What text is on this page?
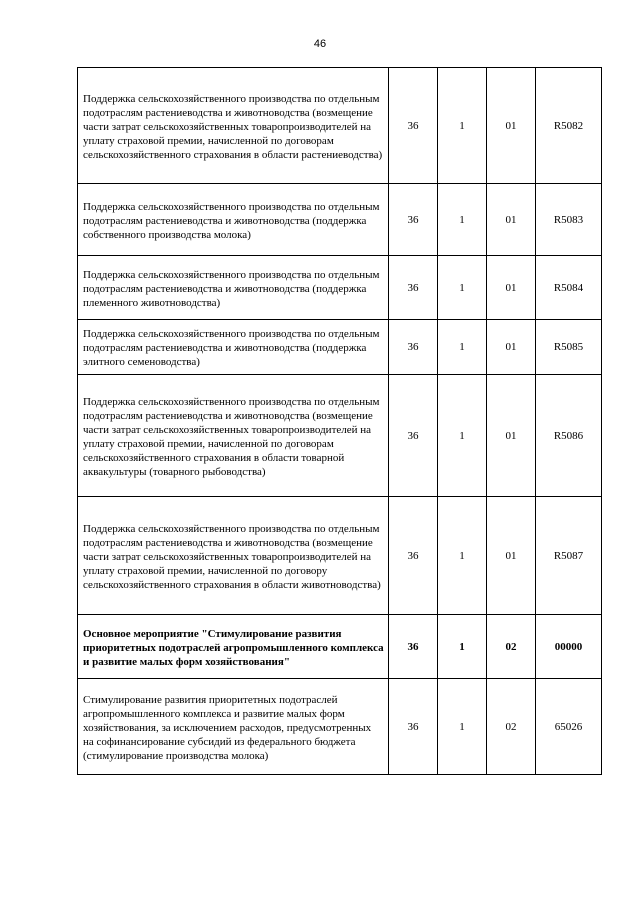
46
Поддержка сельскохозяйственного производства по отдельным подотраслям растениеводства и животноводства (возмещение части затрат сельскохозяйственных товаропроизводителей на уплату страховой премии, начисленной по договорам сельскохозяйственного страхования в области растениеводства)	36	1	01	R5082
Поддержка сельскохозяйственного производства по отдельным подотраслям растениеводства и животноводства (поддержка собственного производства молока)	36	1	01	R5083
Поддержка сельскохозяйственного производства по отдельным подотраслям растениеводства и животноводства (поддержка племенного животноводства)	36	1	01	R5084
Поддержка сельскохозяйственного производства по отдельным подотраслям растениеводства и животноводства (поддержка элитного семеноводства)	36	1	01	R5085
Поддержка сельскохозяйственного производства по отдельным подотраслям растениеводства и животноводства (возмещение части затрат сельскохозяйственных товаропроизводителей на уплату страховой премии, начисленной по договорам сельскохозяйственного страхования в области товарной аквакультуры (товарного рыбоводства)	36	1	01	R5086
Поддержка сельскохозяйственного производства по отдельным подотраслям растениеводства и животноводства (возмещение части затрат сельскохозяйственных товаропроизводителей на уплату страховой премии, начисленной по договору сельскохозяйственного страхования в области животноводства)	36	1	01	R5087
Основное мероприятие "Стимулирование развития приоритетных подотраслей агропромышленного комплекса и развитие малых форм хозяйствования"	36	1	02	00000
Стимулирование развития приоритетных подотраслей агропромышленного комплекса и развитие малых форм хозяйствования, за исключением расходов, предусмотренных на софинансирование субсидий из федерального бюджета (стимулирование производства молока)	36	1	02	65026
